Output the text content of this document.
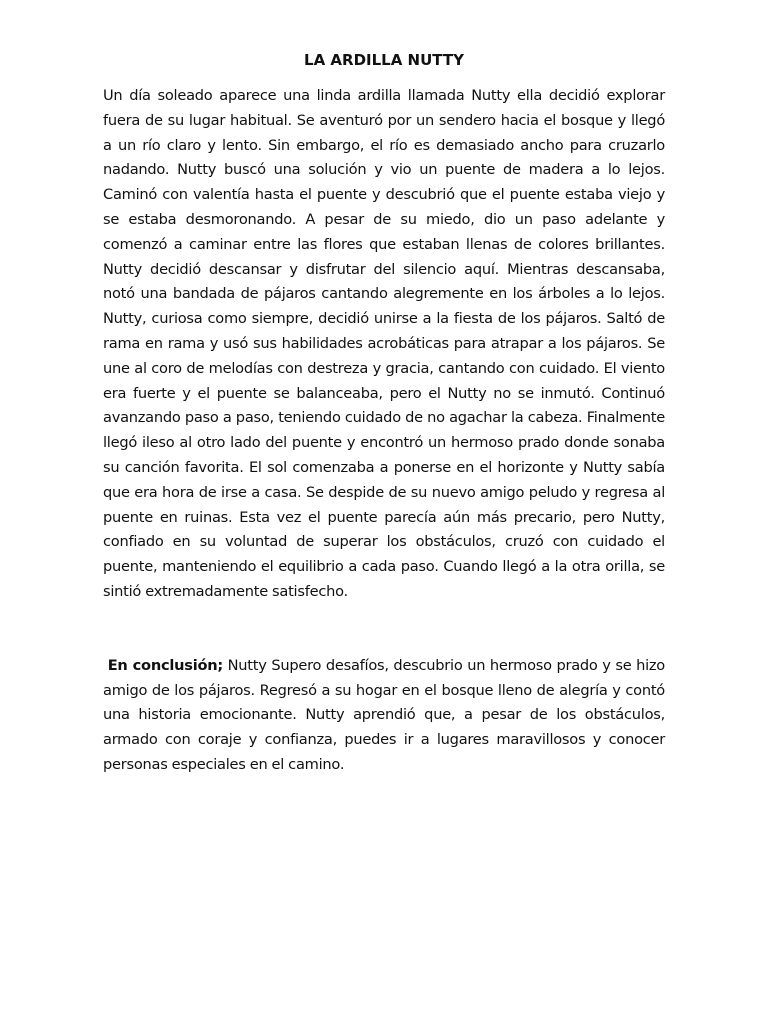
LA ARDILLA NUTTY

Un día soleado aparece una linda ardilla llamada Nutty ella decidió explorar fuera de su lugar habitual. Se aventuró por un sendero hacia el bosque y llegó a un río claro y lento. Sin embargo, el río es demasiado ancho para cruzarlo nadando. Nutty buscó una solución y vio un puente de madera a lo lejos. Caminó con valentía hasta el puente y descubrió que el puente estaba viejo y se estaba desmoronando. A pesar de su miedo, dio un paso adelante y comenzó a caminar entre las flores que estaban llenas de colores brillantes. Nutty decidió descansar y disfrutar del silencio aquí. Mientras descansaba, notó una bandada de pájaros cantando alegremente en los árboles a lo lejos. Nutty, curiosa como siempre, decidió unirse a la fiesta de los pájaros. Saltó de rama en rama y usó sus habilidades acrobáticas para atrapar a los pájaros. Se une al coro de melodías con destreza y gracia, cantando con cuidado. El viento era fuerte y el puente se balanceaba, pero el Nutty no se inmutó. Continuó avanzando paso a paso, teniendo cuidado de no agachar la cabeza. Finalmente llegó ileso al otro lado del puente y encontró un hermoso prado donde sonaba su canción favorita. El sol comenzaba a ponerse en el horizonte y Nutty sabía que era hora de irse a casa. Se despide de su nuevo amigo peludo y regresa al puente en ruinas. Esta vez el puente parecía aún más precario, pero Nutty, confiado en su voluntad de superar los obstáculos, cruzó con cuidado el puente, manteniendo el equilibrio a cada paso. Cuando llegó a la otra orilla, se sintió extremadamente satisfecho.

En conclusión; Nutty Supero desafíos, descubrio un hermoso prado y se hizo amigo de los pájaros. Regresó a su hogar en el bosque lleno de alegría y contó una historia emocionante. Nutty aprendió que, a pesar de los obstáculos, armado con coraje y confianza, puedes ir a lugares maravillosos y conocer personas especiales en el camino.
